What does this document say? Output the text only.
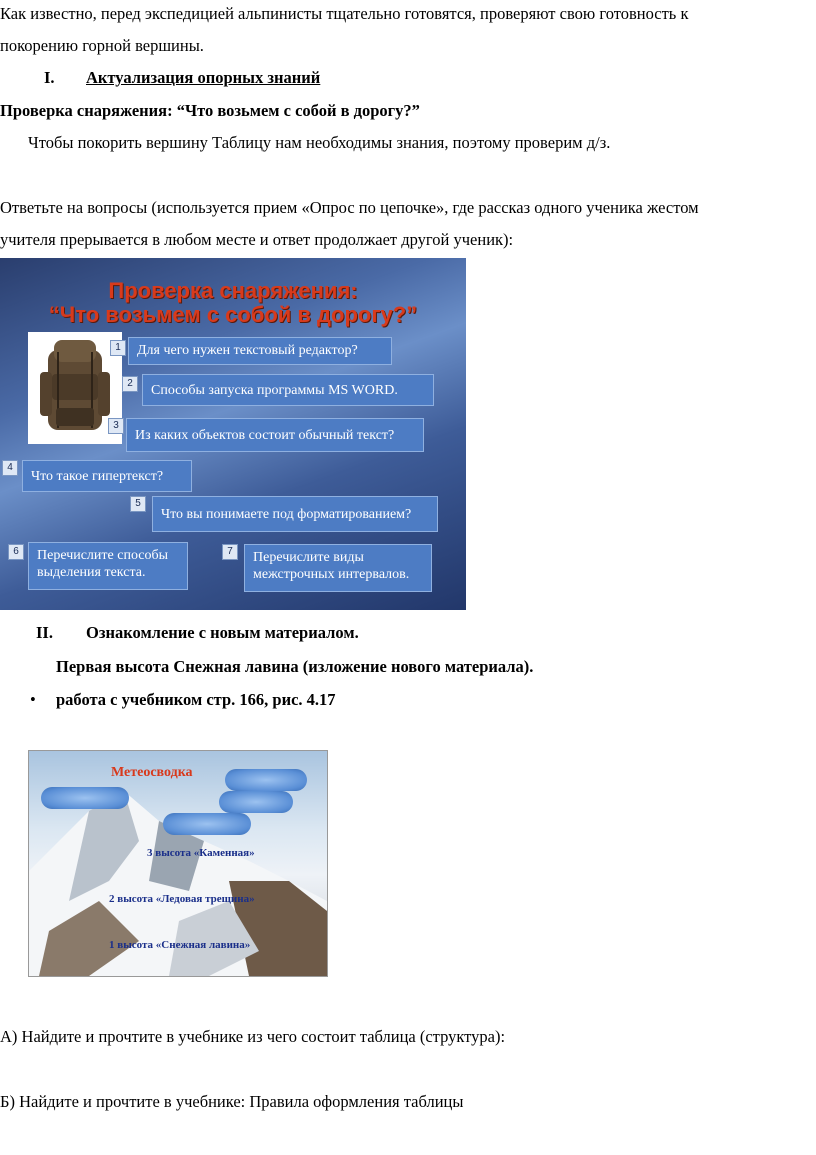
Как известно, перед экспедицией альпинисты тщательно готовятся, проверяют свою готовность к
покорению горной вершины.
I. Актуализация опорных знаний
Проверка снаряжения: “Что возьмем с собой в дорогу?”
Чтобы покорить вершину Таблицу нам необходимы знания, поэтому проверим д/з.
Ответьте на вопросы (используется прием «Опрос по цепочке», где рассказ одного ученика жестом
учителя прерывается в любом месте и ответ продолжает другой ученик):
Проверка снаряжения:
“Что возьмем с собой в дорогу?”
1	Для чего нужен текстовый редактор?
2	Способы запуска программы MS WORD.
3
Из каких объектов состоит обычный текст?
4
Что такое гипертекст?
5
Что вы понимаете под форматированием?
6	Перечислите способы
выделения текста.
7	Перечислите виды
межстрочных интервалов.
II. Ознакомление с новым материалом.
Первая высота Снежная лавина (изложение нового материала).
• работа с учебником стр. 166, рис. 4.17
Метеосводка
3 высота «Каменная»
2 высота «Ледовая трещина»
1 высота «Снежная лавина»
А) Найдите и прочтите в учебнике из чего состоит таблица (структура):
Б) Найдите и прочтите в учебнике: Правила оформления таблицы
